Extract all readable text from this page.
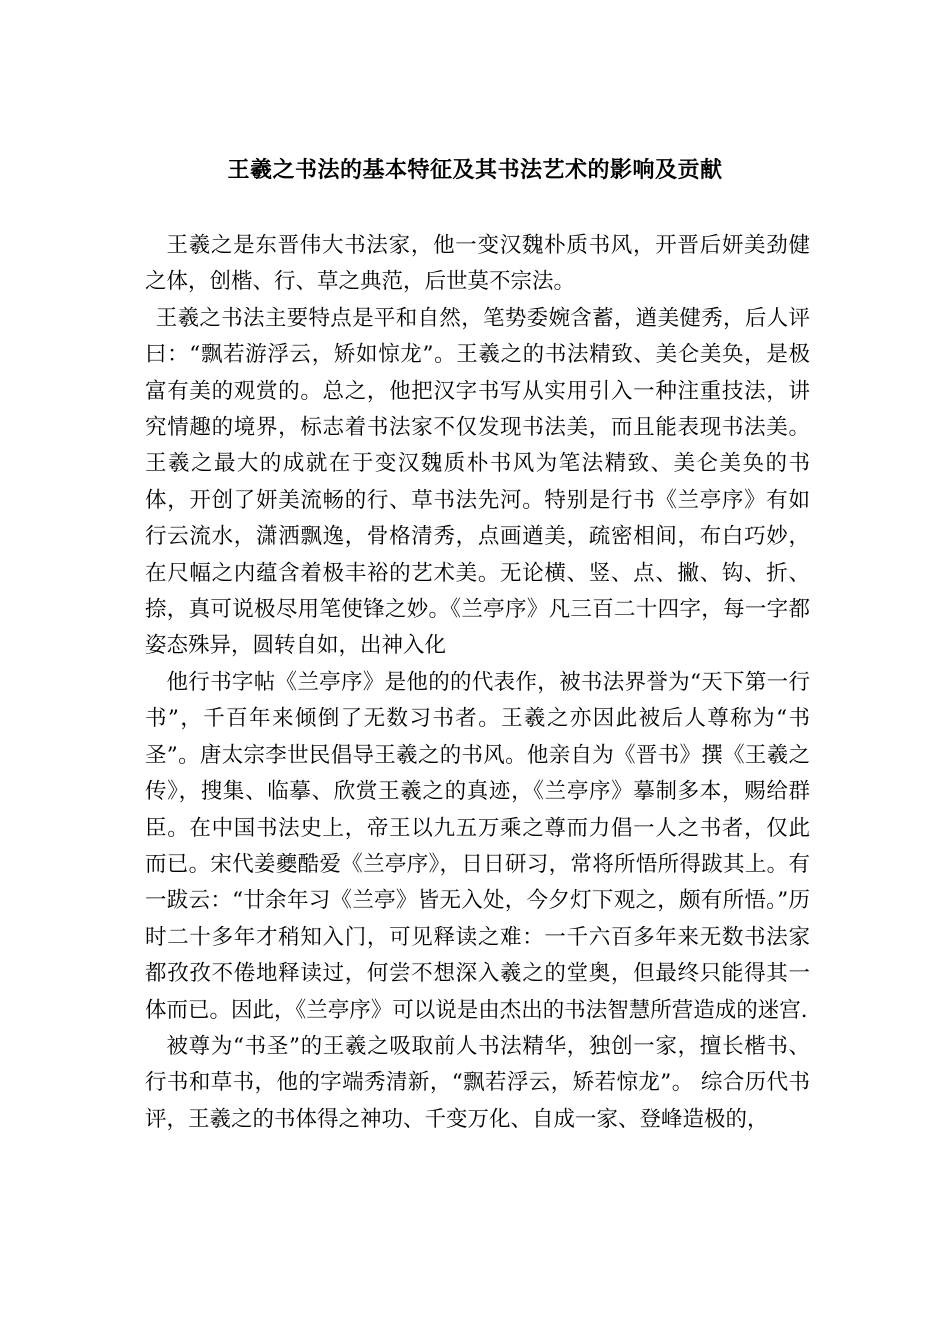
王羲之书法的基本特征及其书法艺术的影响及贡献

王羲之是东晋伟大书法家，他一变汉魏朴质书风，开晋后妍美劲健之体，创楷、行、草之典范，后世莫不宗法。

王羲之书法主要特点是平和自然，笔势委婉含蓄，遒美健秀，后人评曰：“飘若游浮云，矫如惊龙”。王羲之的书法精致、美仑美奂，是极富有美的观赏的。总之，他把汉字书写从实用引入一种注重技法，讲究情趣的境界，标志着书法家不仅发现书法美，而且能表现书法美。王羲之最大的成就在于变汉魏质朴书风为笔法精致、美仑美奂的书体，开创了妍美流畅的行、草书法先河。特别是行书《兰亭序》有如行云流水，潇洒飘逸，骨格清秀，点画遒美，疏密相间，布白巧妙，在尺幅之内蕴含着极丰裕的艺术美。无论横、竖、点、撇、钩、折、捺，真可说极尽用笔使锋之妙。《兰亭序》凡三百二十四字，每一字都姿态殊异，圆转自如，出神入化

他行书字帖《兰亭序》是他的的代表作，被书法界誉为“天下第一行书”，千百年来倾倒了无数习书者。王羲之亦因此被后人尊称为“书圣”。唐太宗李世民倡导王羲之的书风。他亲自为《晋书》撰《王羲之传》，搜集、临摹、欣赏王羲之的真迹，《兰亭序》摹制多本，赐给群臣。在中国书法史上，帝王以九五万乘之尊而力倡一人之书者，仅此而已。宋代姜夔酷爱《兰亭序》，日日研习，常将所悟所得跋其上。有一跋云：“廿余年习《兰亭》皆无入处，今夕灯下观之，颇有所悟。”历时二十多年才稍知入门，可见释读之难：一千六百多年来无数书法家都孜孜不倦地释读过，何尝不想深入羲之的堂奥，但最终只能得其一体而已。因此，《兰亭序》可以说是由杰出的书法智慧所营造成的迷宫.

被尊为“书圣”的王羲之吸取前人书法精华，独创一家，擅长楷书、行书和草书，他的字端秀清新，“飘若浮云，矫若惊龙”。 综合历代书评，王羲之的书体得之神功、千变万化、自成一家、登峰造极的，
